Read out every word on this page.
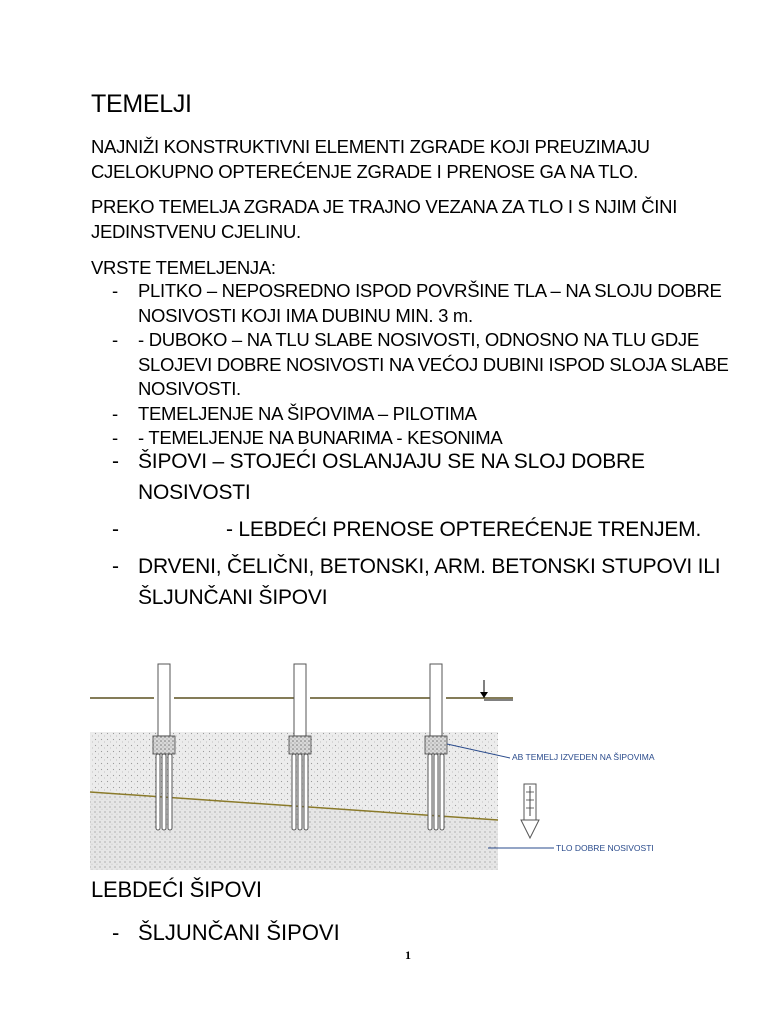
TEMELJI
NAJNIŽI KONSTRUKTIVNI ELEMENTI ZGRADE KOJI PREUZIMAJU CJELOKUPNO OPTEREĆENJE ZGRADE I PRENOSE GA NA TLO.
PREKO TEMELJA ZGRADA JE TRAJNO VEZANA ZA TLO I S NJIM ČINI JEDINSTVENU CJELINU.
VRSTE TEMELJENJA:
- PLITKO – NEPOSREDNO ISPOD POVRŠINE TLA – NA SLOJU DOBRE NOSIVOSTI KOJI IMA DUBINU MIN. 3 m.
- - DUBOKO – NA TLU SLABE NOSIVOSTI, ODNOSNO NA TLU GDJE SLOJEVI DOBRE NOSIVOSTI NA VEĆOJ DUBINI ISPOD SLOJA SLABE NOSIVOSTI.
- TEMELJENJE NA ŠIPOVIMA – PILOTIMA
- - TEMELJENJE NA BUNARIMA - KESONIMA
- ŠIPOVI – STOJEĆI OSLANJAJU SE NA SLOJ DOBRE NOSIVOSTI
-	- LEBDEĆI PRENOSE OPTEREĆENJE TRENJEM.
- DRVENI, ČELIČNI, BETONSKI, ARM. BETONSKI STUPOVI ILI ŠLJUNČANI ŠIPOVI
AB TEMELJ IZVEDEN NA ŠIPOVIMA
TLO DOBRE NOSIVOSTI
LEBDEĆI ŠIPOVI
- ŠLJUNČANI ŠIPOVI
1
